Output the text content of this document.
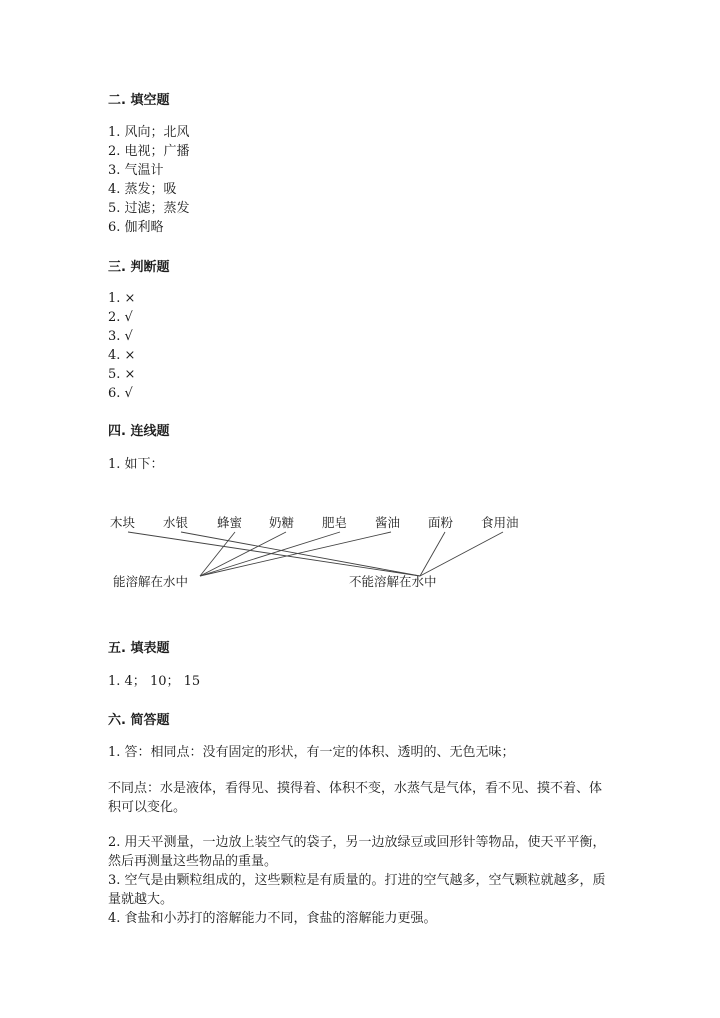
二. 填空题

1. 风向；北风

2. 电视；广播

3. 气温计

4. 蒸发；吸

5. 过滤；蒸发

6. 伽利略

三. 判断题

1. ×

2. √

3. √

4. ×

5. ×

6. √

四. 连线题

1. 如下：

木块 水银 蜂蜜 奶糖 肥皂 酱油 面粉 食用油
能溶解在水中	不能溶解在水中
五. 填表题

1. 4； 10； 15

六. 简答题

1. 答：相同点：没有固定的形状，有一定的体积、透明的、无色无味；

不同点：水是液体，看得见、摸得着、体积不变，水蒸气是气体，看不见、摸不着、体积可以变化。

2. 用天平测量，一边放上装空气的袋子，另一边放绿豆或回形针等物品，使天平平衡，然后再测量这些物品的重量。

3. 空气是由颗粒组成的，这些颗粒是有质量的。打进的空气越多，空气颗粒就越多，质量就越大。

4. 食盐和小苏打的溶解能力不同，食盐的溶解能力更强。
